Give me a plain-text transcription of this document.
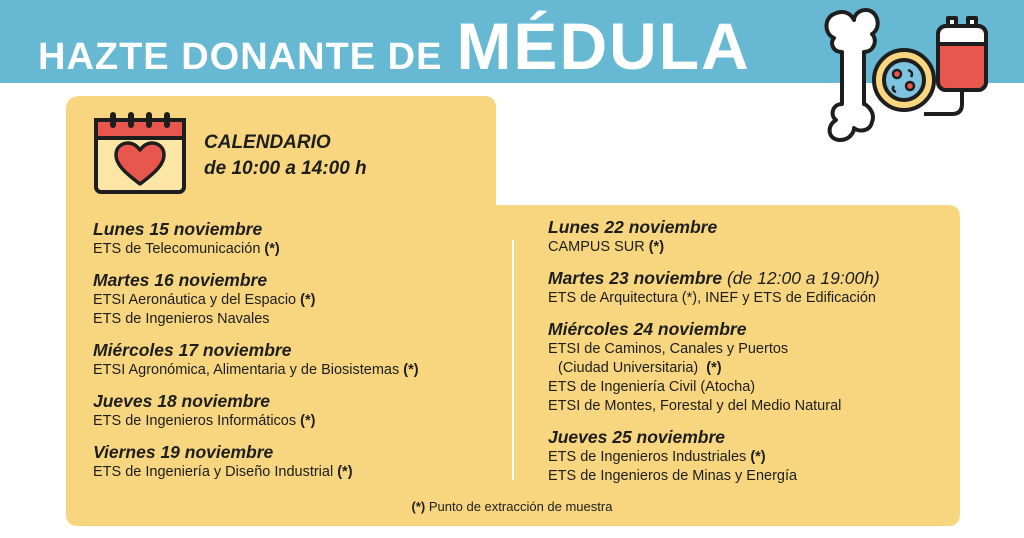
HAZTE DONANTE DE MÉDULA
CALENDARIO
de 10:00 a 14:00 h
Lunes 15 noviembre
ETS de Telecomunicación (*)
Martes 16 noviembre
ETSI Aeronáutica y del Espacio (*)
ETS de Ingenieros Navales
Miércoles 17 noviembre
ETSI Agronómica, Alimentaria y de Biosistemas (*)
Jueves 18 noviembre
ETS de Ingenieros Informáticos (*)
Viernes 19 noviembre
ETS de Ingeniería y Diseño Industrial (*)
Lunes 22 noviembre
CAMPUS SUR (*)
Martes 23 noviembre (de 12:00 a 19:00h)
ETS de Arquitectura (*), INEF y ETS de Edificación
Miércoles 24 noviembre
ETSI de Caminos, Canales y Puertos
(Ciudad Universitaria) (*)
ETS de Ingeniería Civil (Atocha)
ETSI de Montes, Forestal y del Medio Natural
Jueves 25 noviembre
ETS de Ingenieros Industriales (*)
ETS de Ingenieros de Minas y Energía
(*) Punto de extracción de muestra
